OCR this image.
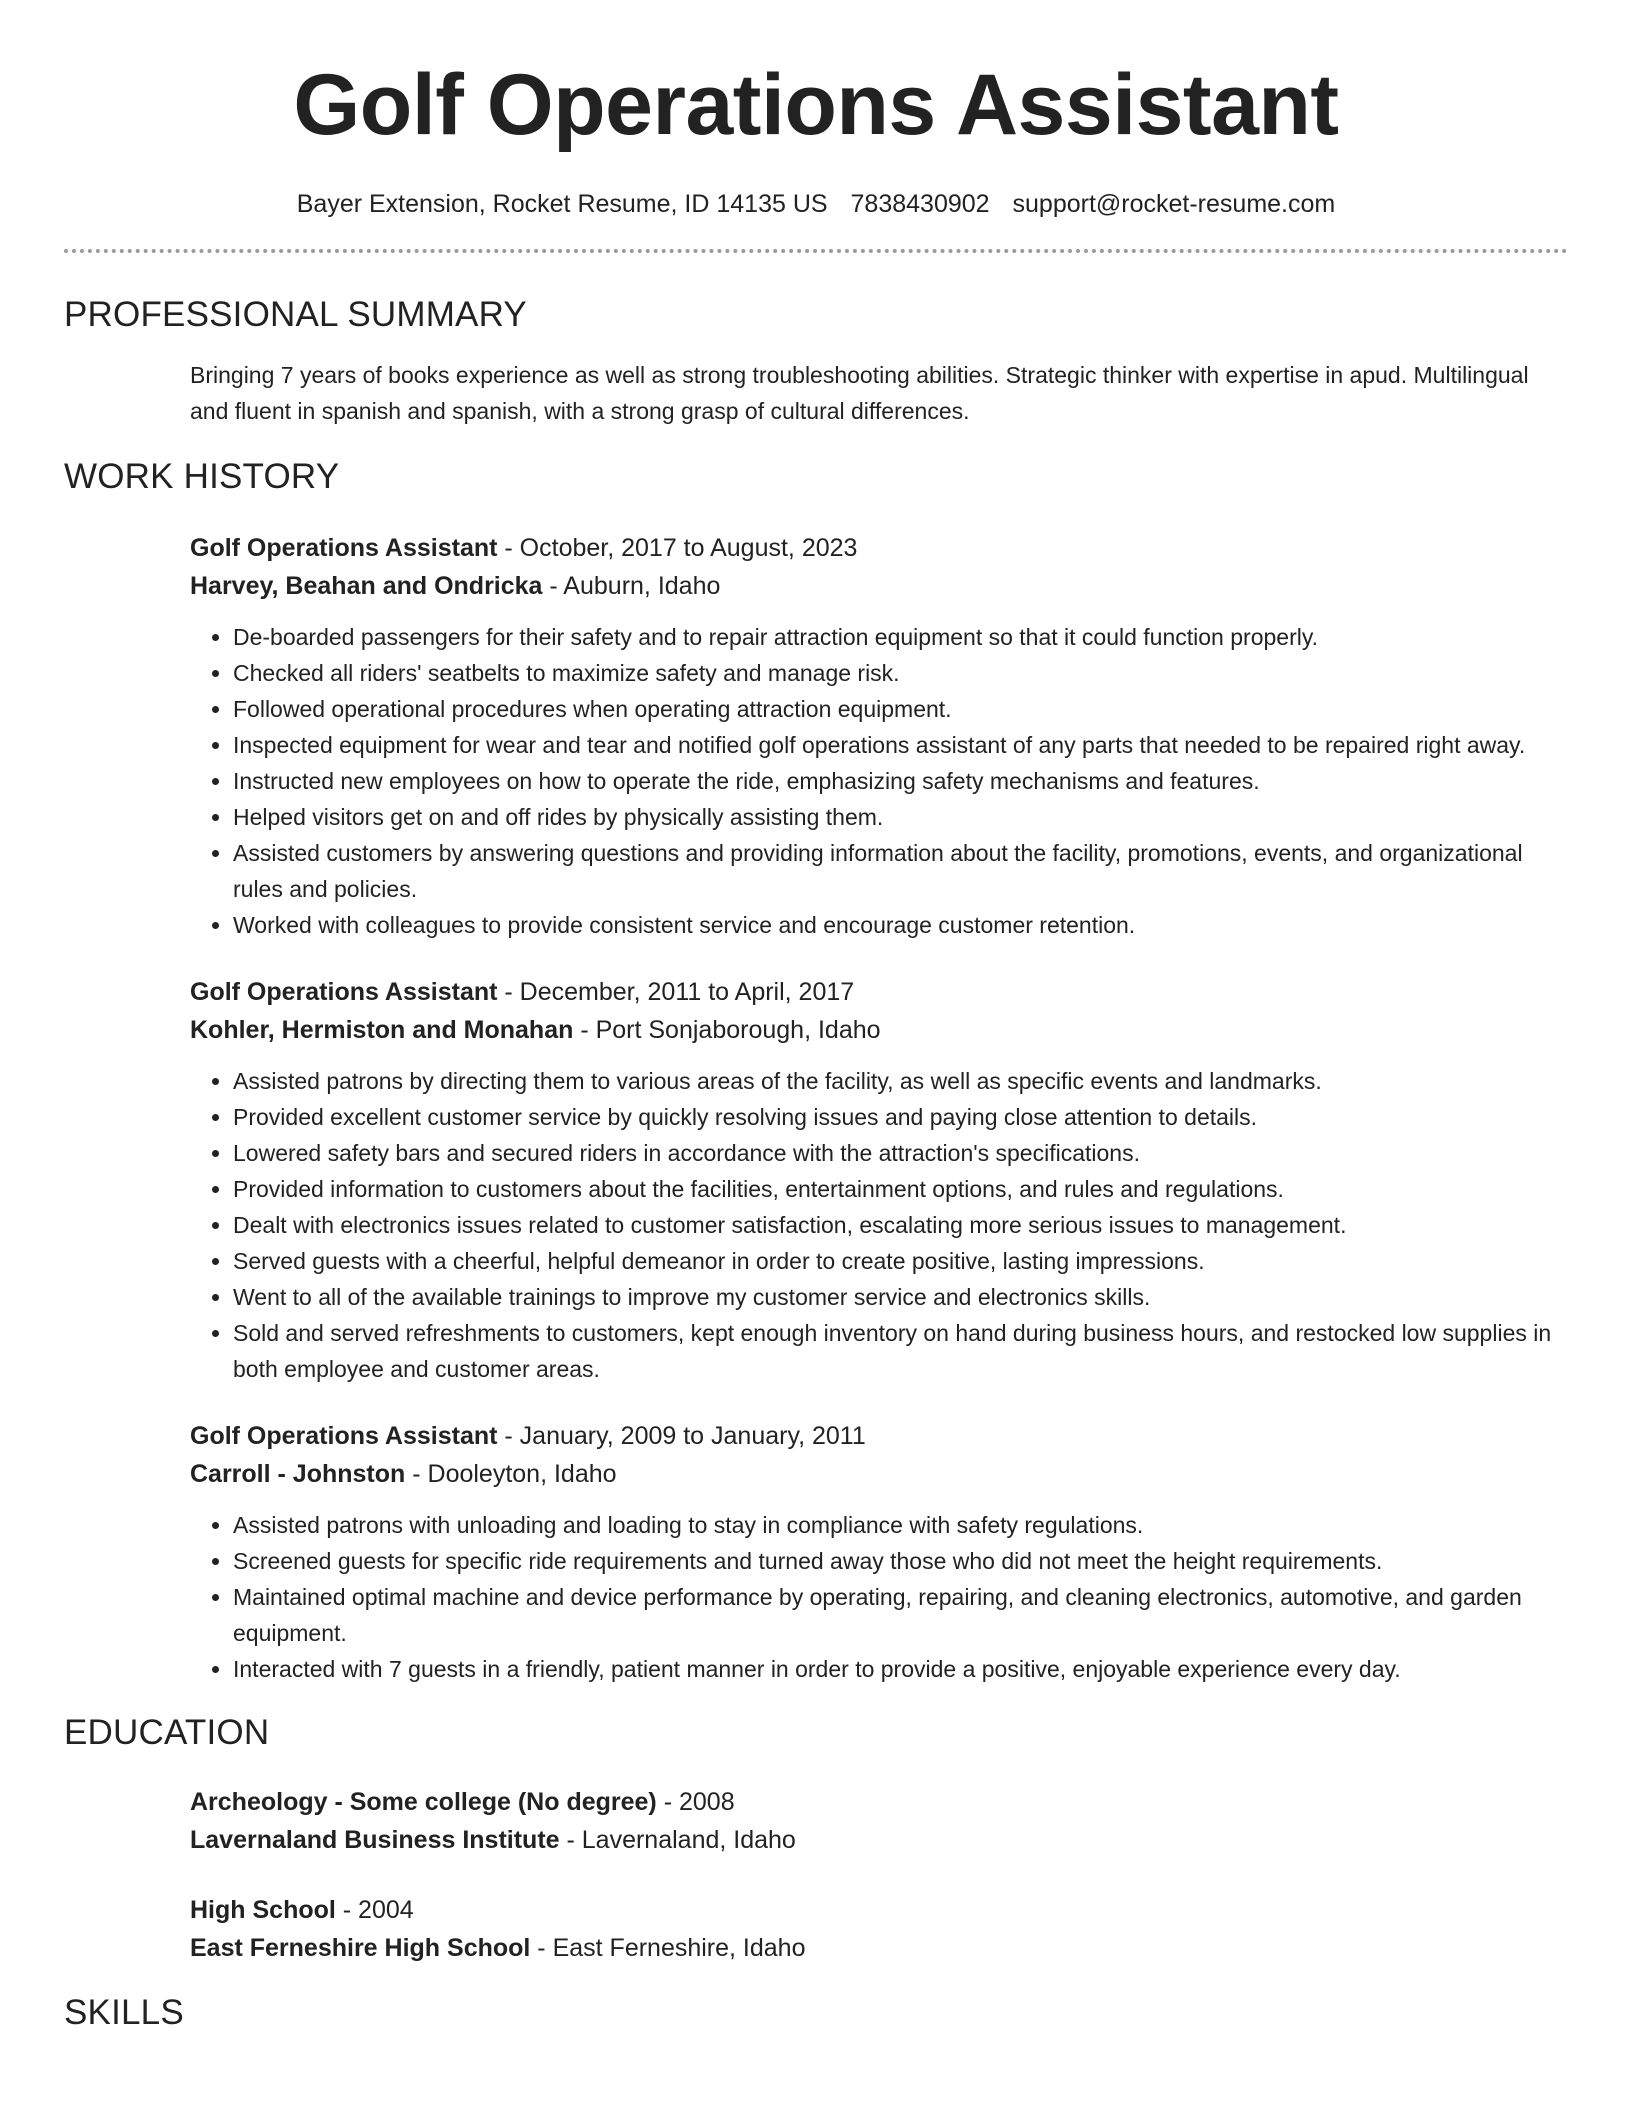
Golf Operations Assistant
Bayer Extension, Rocket Resume, ID 14135 US 7838430902 support@rocket-resume.com
PROFESSIONAL SUMMARY

Bringing 7 years of books experience as well as strong troubleshooting abilities. Strategic thinker with expertise in apud. Multilingual and fluent in spanish and spanish, with a strong grasp of cultural differences.

WORK HISTORY
Golf Operations Assistant - October, 2017 to August, 2023
Harvey, Beahan and Ondricka - Auburn, Idaho
• De-boarded passengers for their safety and to repair attraction equipment so that it could function properly.
• Checked all riders' seatbelts to maximize safety and manage risk.
• Followed operational procedures when operating attraction equipment.
• Inspected equipment for wear and tear and notified golf operations assistant of any parts that needed to be repaired right away.
• Instructed new employees on how to operate the ride, emphasizing safety mechanisms and features.
• Helped visitors get on and off rides by physically assisting them.
• Assisted customers by answering questions and providing information about the facility, promotions, events, and organizational rules and policies.
• Worked with colleagues to provide consistent service and encourage customer retention.
Golf Operations Assistant - December, 2011 to April, 2017
Kohler, Hermiston and Monahan - Port Sonjaborough, Idaho
• Assisted patrons by directing them to various areas of the facility, as well as specific events and landmarks.
• Provided excellent customer service by quickly resolving issues and paying close attention to details.
• Lowered safety bars and secured riders in accordance with the attraction's specifications.
• Provided information to customers about the facilities, entertainment options, and rules and regulations.
• Dealt with electronics issues related to customer satisfaction, escalating more serious issues to management.
• Served guests with a cheerful, helpful demeanor in order to create positive, lasting impressions.
• Went to all of the available trainings to improve my customer service and electronics skills.
• Sold and served refreshments to customers, kept enough inventory on hand during business hours, and restocked low supplies in both employee and customer areas.
Golf Operations Assistant - January, 2009 to January, 2011
Carroll - Johnston - Dooleyton, Idaho
• Assisted patrons with unloading and loading to stay in compliance with safety regulations.
• Screened guests for specific ride requirements and turned away those who did not meet the height requirements.
• Maintained optimal machine and device performance by operating, repairing, and cleaning electronics, automotive, and garden equipment.
• Interacted with 7 guests in a friendly, patient manner in order to provide a positive, enjoyable experience every day.
EDUCATION
Archeology - Some college (No degree) - 2008
Lavernaland Business Institute - Lavernaland, Idaho
High School - 2004
East Ferneshire High School - East Ferneshire, Idaho
SKILLS
